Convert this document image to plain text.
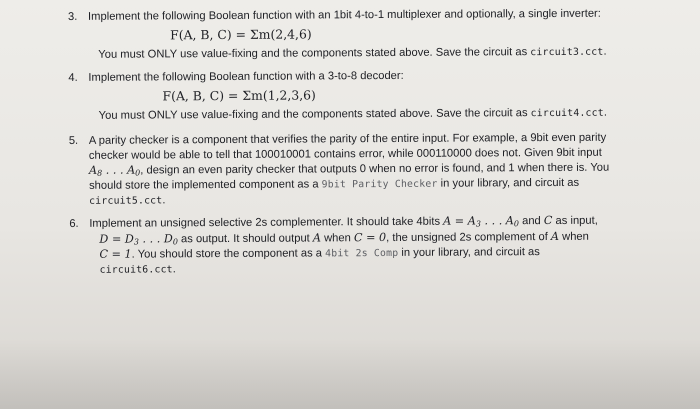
3. Implement the following Boolean function with an 1bit 4-to-1 multiplexer and optionally, a single inverter:
F(A, B, C) = Σm(2,4,6)
You must ONLY use value-fixing and the components stated above. Save the circuit as circuit3.cct.
4. Implement the following Boolean function with a 3-to-8 decoder:
F(A, B, C) = Σm(1,2,3,6)
You must ONLY use value-fixing and the components stated above. Save the circuit as circuit4.cct.
5. A parity checker is a component that verifies the parity of the entire input. For example, a 9bit even parity
checker would be able to tell that 100010001 contains error, while 000110000 does not. Given 9bit input
$A_8$ . . . $A_0$, design an even parity checker that outputs 0 when no error is found, and 1 when there is. You
should store the implemented component as a 9bit Parity Checker in your library, and circuit as
circuit5.cct.
6. Implement an unsigned selective 2s complementer. It should take 4bits $A = A_3$ . . . $A_0$ and C as input,
$D = D_3$ . . . $D_0$ as output. It should output A when C = 0, the unsigned 2s complement of A when
C = 1. You should store the component as a 4bit 2s Comp in your library, and circuit as
circuit6.cct.
